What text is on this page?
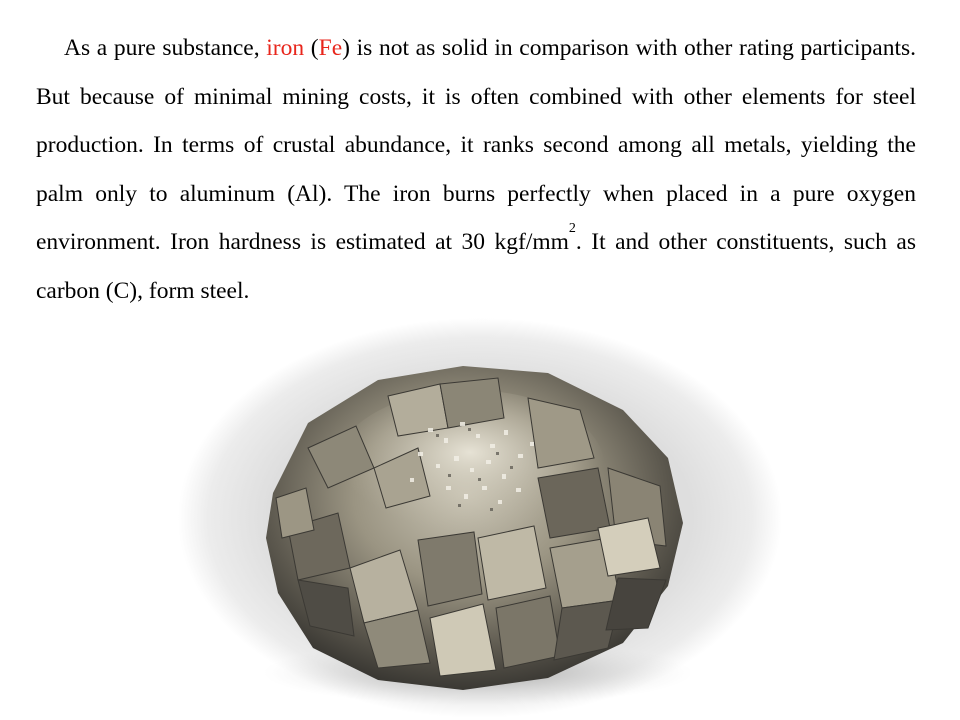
As a pure substance, iron (Fe) is not as solid in comparison with other rating participants. But because of minimal mining costs, it is often combined with other elements for steel production. In terms of crustal abundance, it ranks second among all metals, yielding the palm only to aluminum (Al). The iron burns perfectly when placed in a pure oxygen environment. Iron hardness is estimated at 30 kgf/$mm^2$. It and other constituents, such as carbon (C), form steel.
